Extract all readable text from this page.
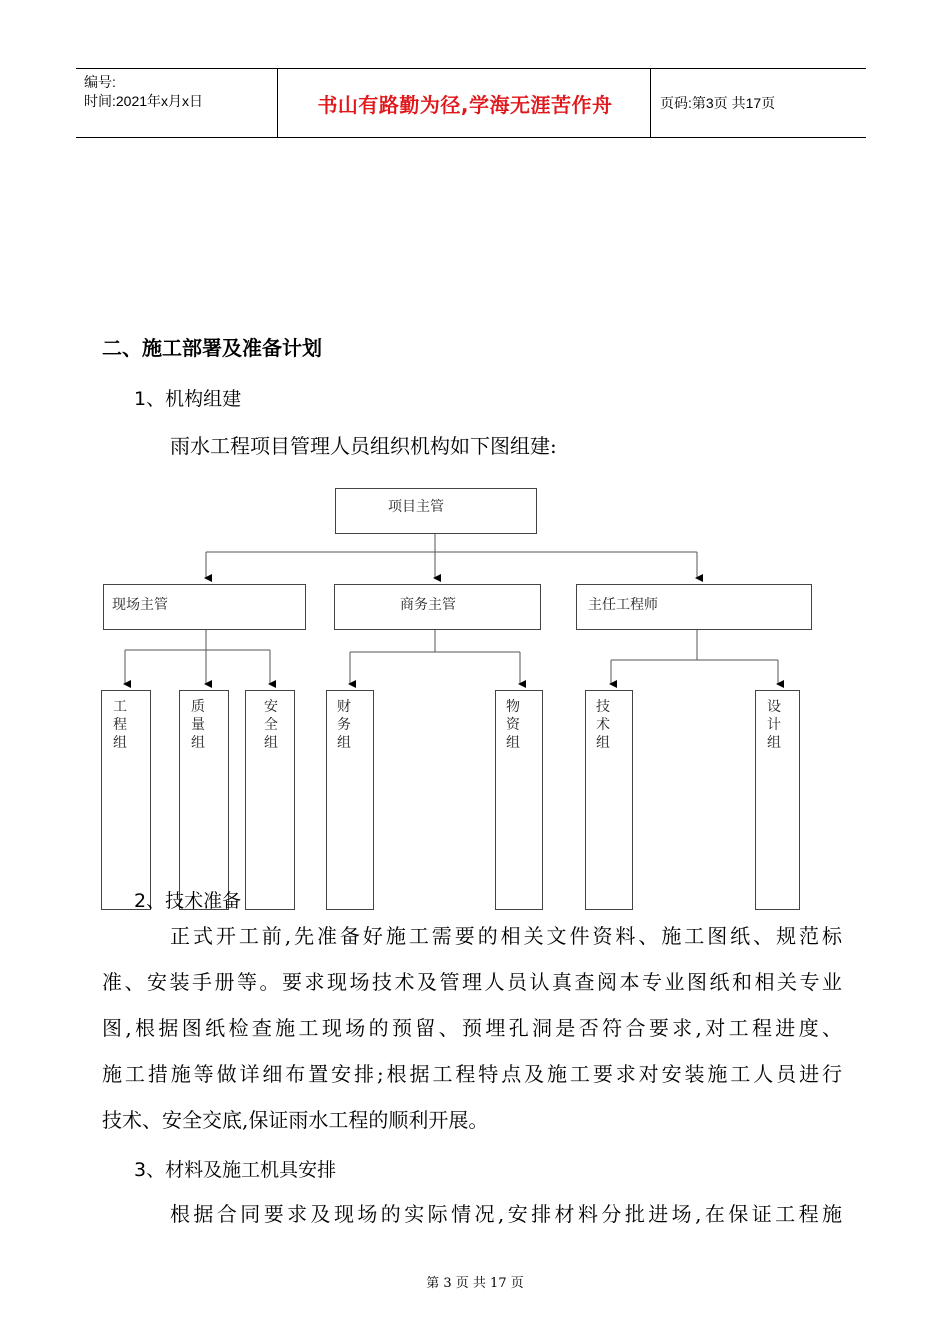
编号:
时间:2021年x月x日	书山有路勤为径,学海无涯苦作舟	页码:第3页 共17页
二、施工部署及准备计划
1、机构组建
雨水工程项目管理人员组织机构如下图组建:
项目主管
现场主管	商务主管	主任工程师
工程组
质量组
安全组
财务组
物资组
技术组
设计组
2、技术准备
正式开工前,先准备好施工需要的相关文件资料、施工图纸、规范标
准、安装手册等。要求现场技术及管理人员认真查阅本专业图纸和相关专业
图,根据图纸检查施工现场的预留、预埋孔洞是否符合要求,对工程进度、
施工措施等做详细布置安排;根据工程特点及施工要求对安装施工人员进行
技术、安全交底,保证雨水工程的顺利开展。
3、材料及施工机具安排
根据合同要求及现场的实际情况,安排材料分批进场,在保证工程施
第 3 页 共 17 页
